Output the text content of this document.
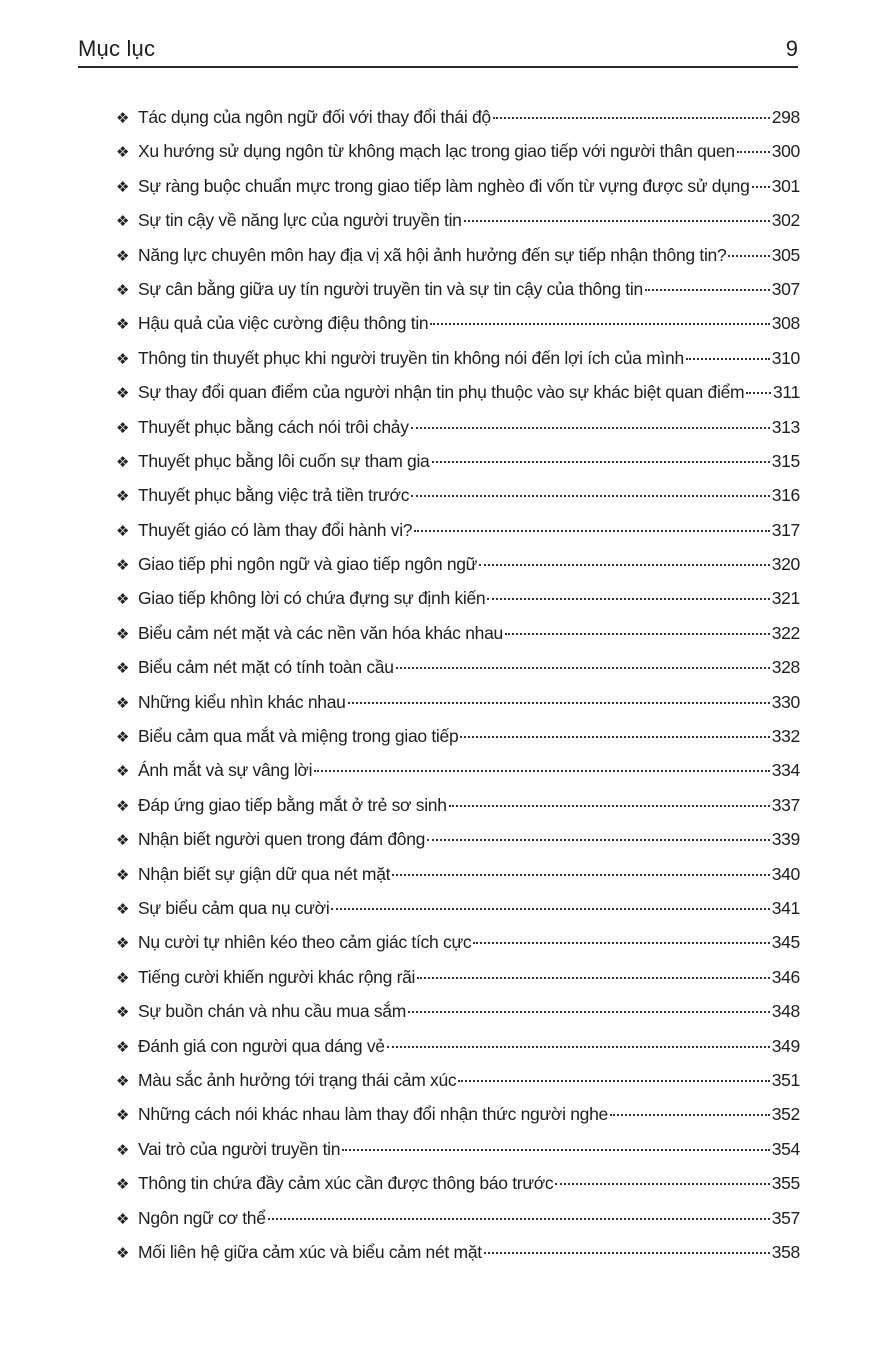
Mục lục	9
❖ Tác dụng của ngôn ngữ đối với thay đổi thái độ	298
❖ Xu hướng sử dụng ngôn từ không mạch lạc trong giao tiếp với người thân quen 300
❖ Sự ràng buộc chuẩn mực trong giao tiếp làm nghèo đi vốn từ vựng được sử dụng 301
❖ Sự tin cậy về năng lực của người truyền tin	302
❖ Năng lực chuyên môn hay địa vị xã hội ảnh hưởng đến sự tiếp nhận thông tin?	305
❖ Sự cân bằng giữa uy tín người truyền tin và sự tin cậy của thông tin	307
❖ Hậu quả của việc cường điệu thông tin	308
❖ Thông tin thuyết phục khi người truyền tin không nói đến lợi ích của mình	310
❖ Sự thay đổi quan điểm của người nhận tin phụ thuộc vào sự khác biệt quan điểm 311
❖ Thuyết phục bằng cách nói trôi chảy	313
❖ Thuyết phục bằng lôi cuốn sự tham gia	315
❖ Thuyết phục bằng việc trả tiền trước	316
❖ Thuyết giáo có làm thay đổi hành vi?	317
❖ Giao tiếp phi ngôn ngữ và giao tiếp ngôn ngữ	320
❖ Giao tiếp không lời có chứa đựng sự định kiến	321
❖ Biểu cảm nét mặt và các nền văn hóa khác nhau	322
❖ Biểu cảm nét mặt có tính toàn cầu	328
❖ Những kiểu nhìn khác nhau	330
❖ Biểu cảm qua mắt và miệng trong giao tiếp	332
❖ Ánh mắt và sự vâng lời	334
❖ Đáp ứng giao tiếp bằng mắt ở trẻ sơ sinh	337
❖ Nhận biết người quen trong đám đông	339
❖ Nhận biết sự giận dữ qua nét mặt	340
❖ Sự biểu cảm qua nụ cười	341
❖ Nụ cười tự nhiên kéo theo cảm giác tích cực	345
❖ Tiếng cười khiến người khác rộng rãi	346
❖ Sự buồn chán và nhu cầu mua sắm	348
❖ Đánh giá con người qua dáng vẻ	349
❖ Màu sắc ảnh hưởng tới trạng thái cảm xúc	351
❖ Những cách nói khác nhau làm thay đổi nhận thức người nghe	352
❖ Vai trò của người truyền tin	354
❖ Thông tin chứa đầy cảm xúc cần được thông báo trước	355
❖ Ngôn ngữ cơ thể	357
❖ Mối liên hệ giữa cảm xúc và biểu cảm nét mặt	358
